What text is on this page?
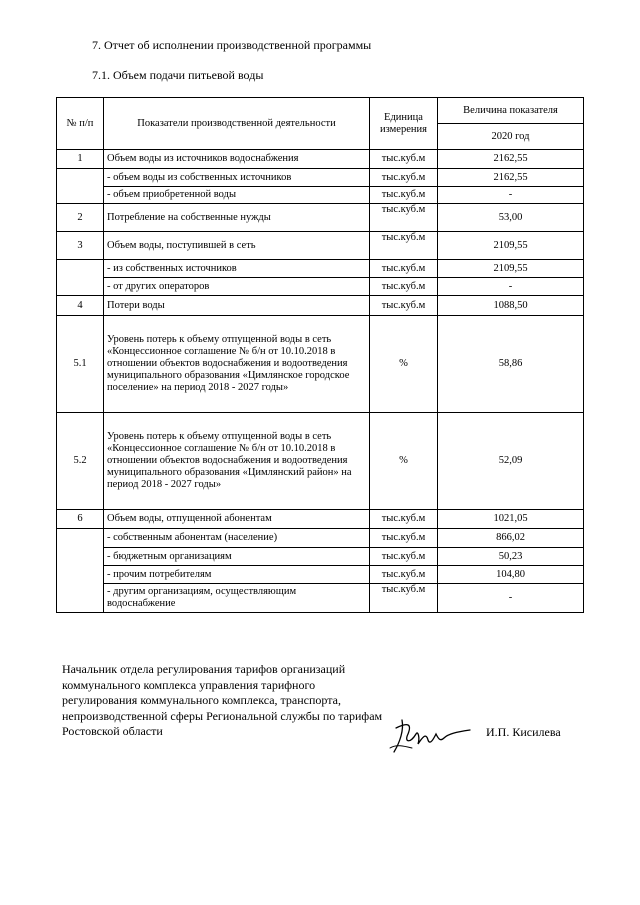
7. Отчет об исполнении производственной программы
7.1. Объем подачи питьевой воды
№ п/п	Показатели производственной деятельности	Единица измерения	Величина показателя
			2020 год
1	Объем воды из источников водоснабжения	тыс.куб.м	2162,55
	- объем воды из собственных источников	тыс.куб.м	2162,55
	- объем приобретенной воды	тыс.куб.м	-
2	Потребление на собственные нужды	тыс.куб.м	53,00
3	Объем воды, поступившей в сеть	тыс.куб.м	2109,55
	- из собственных источников	тыс.куб.м	2109,55
	- от других операторов	тыс.куб.м	-
4	Потери воды	тыс.куб.м	1088,50
5.1	Уровень потерь к объему отпущенной воды в сеть «Концессионное соглашение № б/н от 10.10.2018 в отношении объектов водоснабжения и водоотведения муниципального образования «Цимлянское городское поселение» на период 2018 - 2027 годы»	%	58,86
5.2	Уровень потерь к объему отпущенной воды в сеть «Концессионное соглашение № б/н от 10.10.2018 в отношении объектов водоснабжения и водоотведения муниципального образования «Цимлянский район» на период 2018 - 2027 годы»	%	52,09
6	Объем воды, отпущенной абонентам	тыс.куб.м	1021,05
	- собственным абонентам (население)	тыс.куб.м	866,02
	- бюджетным организациям	тыс.куб.м	50,23
	- прочим потребителям	тыс.куб.м	104,80
	- другим организациям, осуществляющим водоснабжение	тыс.куб.м	-
Начальник отдела регулирования тарифов организаций коммунального комплекса управления тарифного регулирования коммунального комплекса, транспорта, непроизводственной сферы Региональной службы по тарифам Ростовской области	И.П. Кисилева
